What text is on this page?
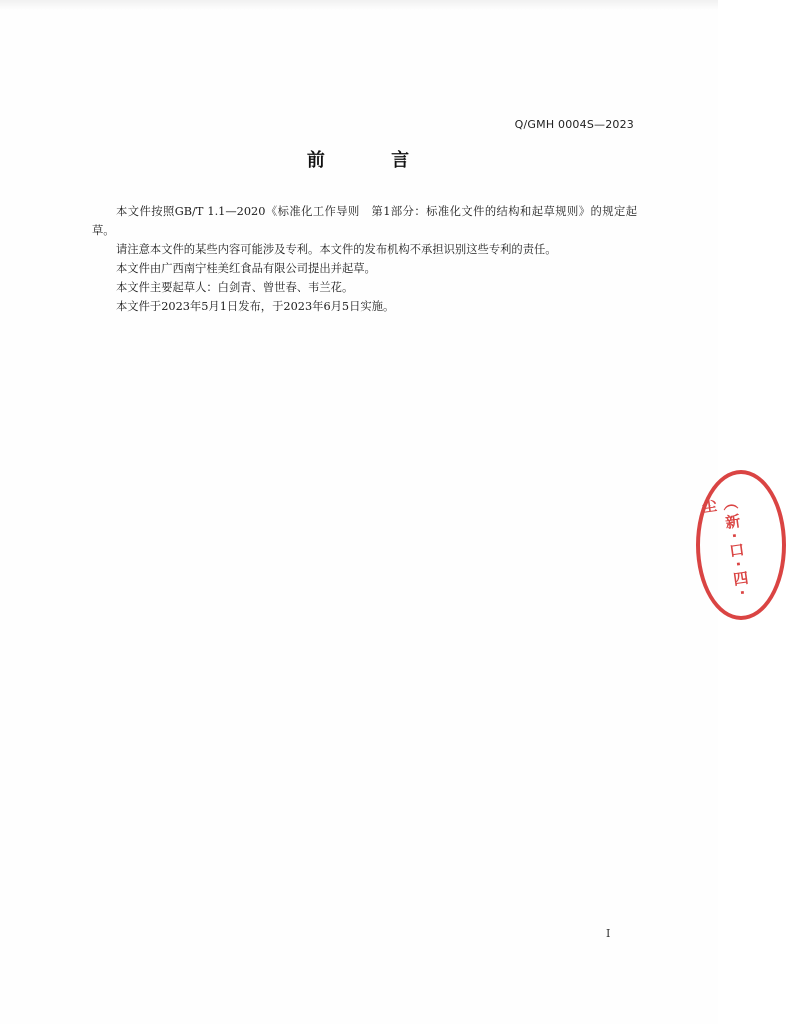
Q/GMH 0004S—2023
前 言

本文件按照GB/T 1.1—2020《标准化工作导则　第1部分：标准化文件的结构和起草规则》的规定起草。

请注意本文件的某些内容可能涉及专利。本文件的发布机构不承担识别这些专利的责任。

本文件由广西南宁桂美红食品有限公司提出并起草。

本文件主要起草人：白剑青、曾世春、韦兰花。

本文件于2023年5月1日发布，于2023年6月5日实施。

I
（新·口·四·尘
